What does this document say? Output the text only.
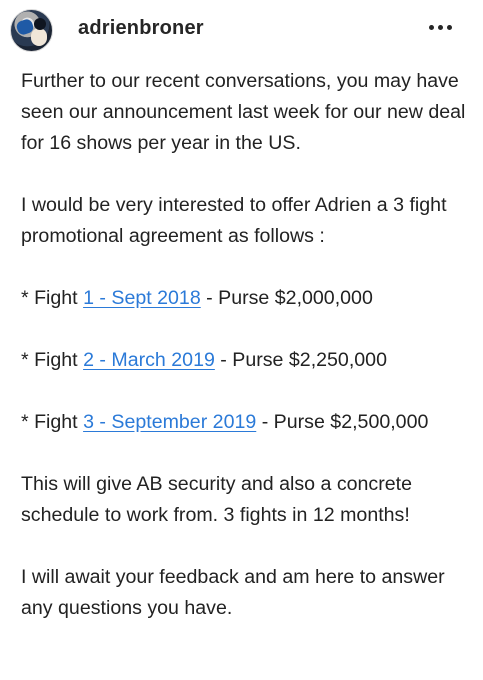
adrienbroner

Further to our recent conversations, you may have seen our announcement last week for our new deal for 16 shows per year in the US.

I would be very interested to offer Adrien a 3 fight promotional agreement as follows :

* Fight 1 - Sept 2018 - Purse $2,000,000

* Fight 2 - March 2019 - Purse $2,250,000

* Fight 3 - September 2019 - Purse $2,500,000

This will give AB security and also a concrete schedule to work from. 3 fights in 12 months!

I will await your feedback and am here to answer any questions you have.
